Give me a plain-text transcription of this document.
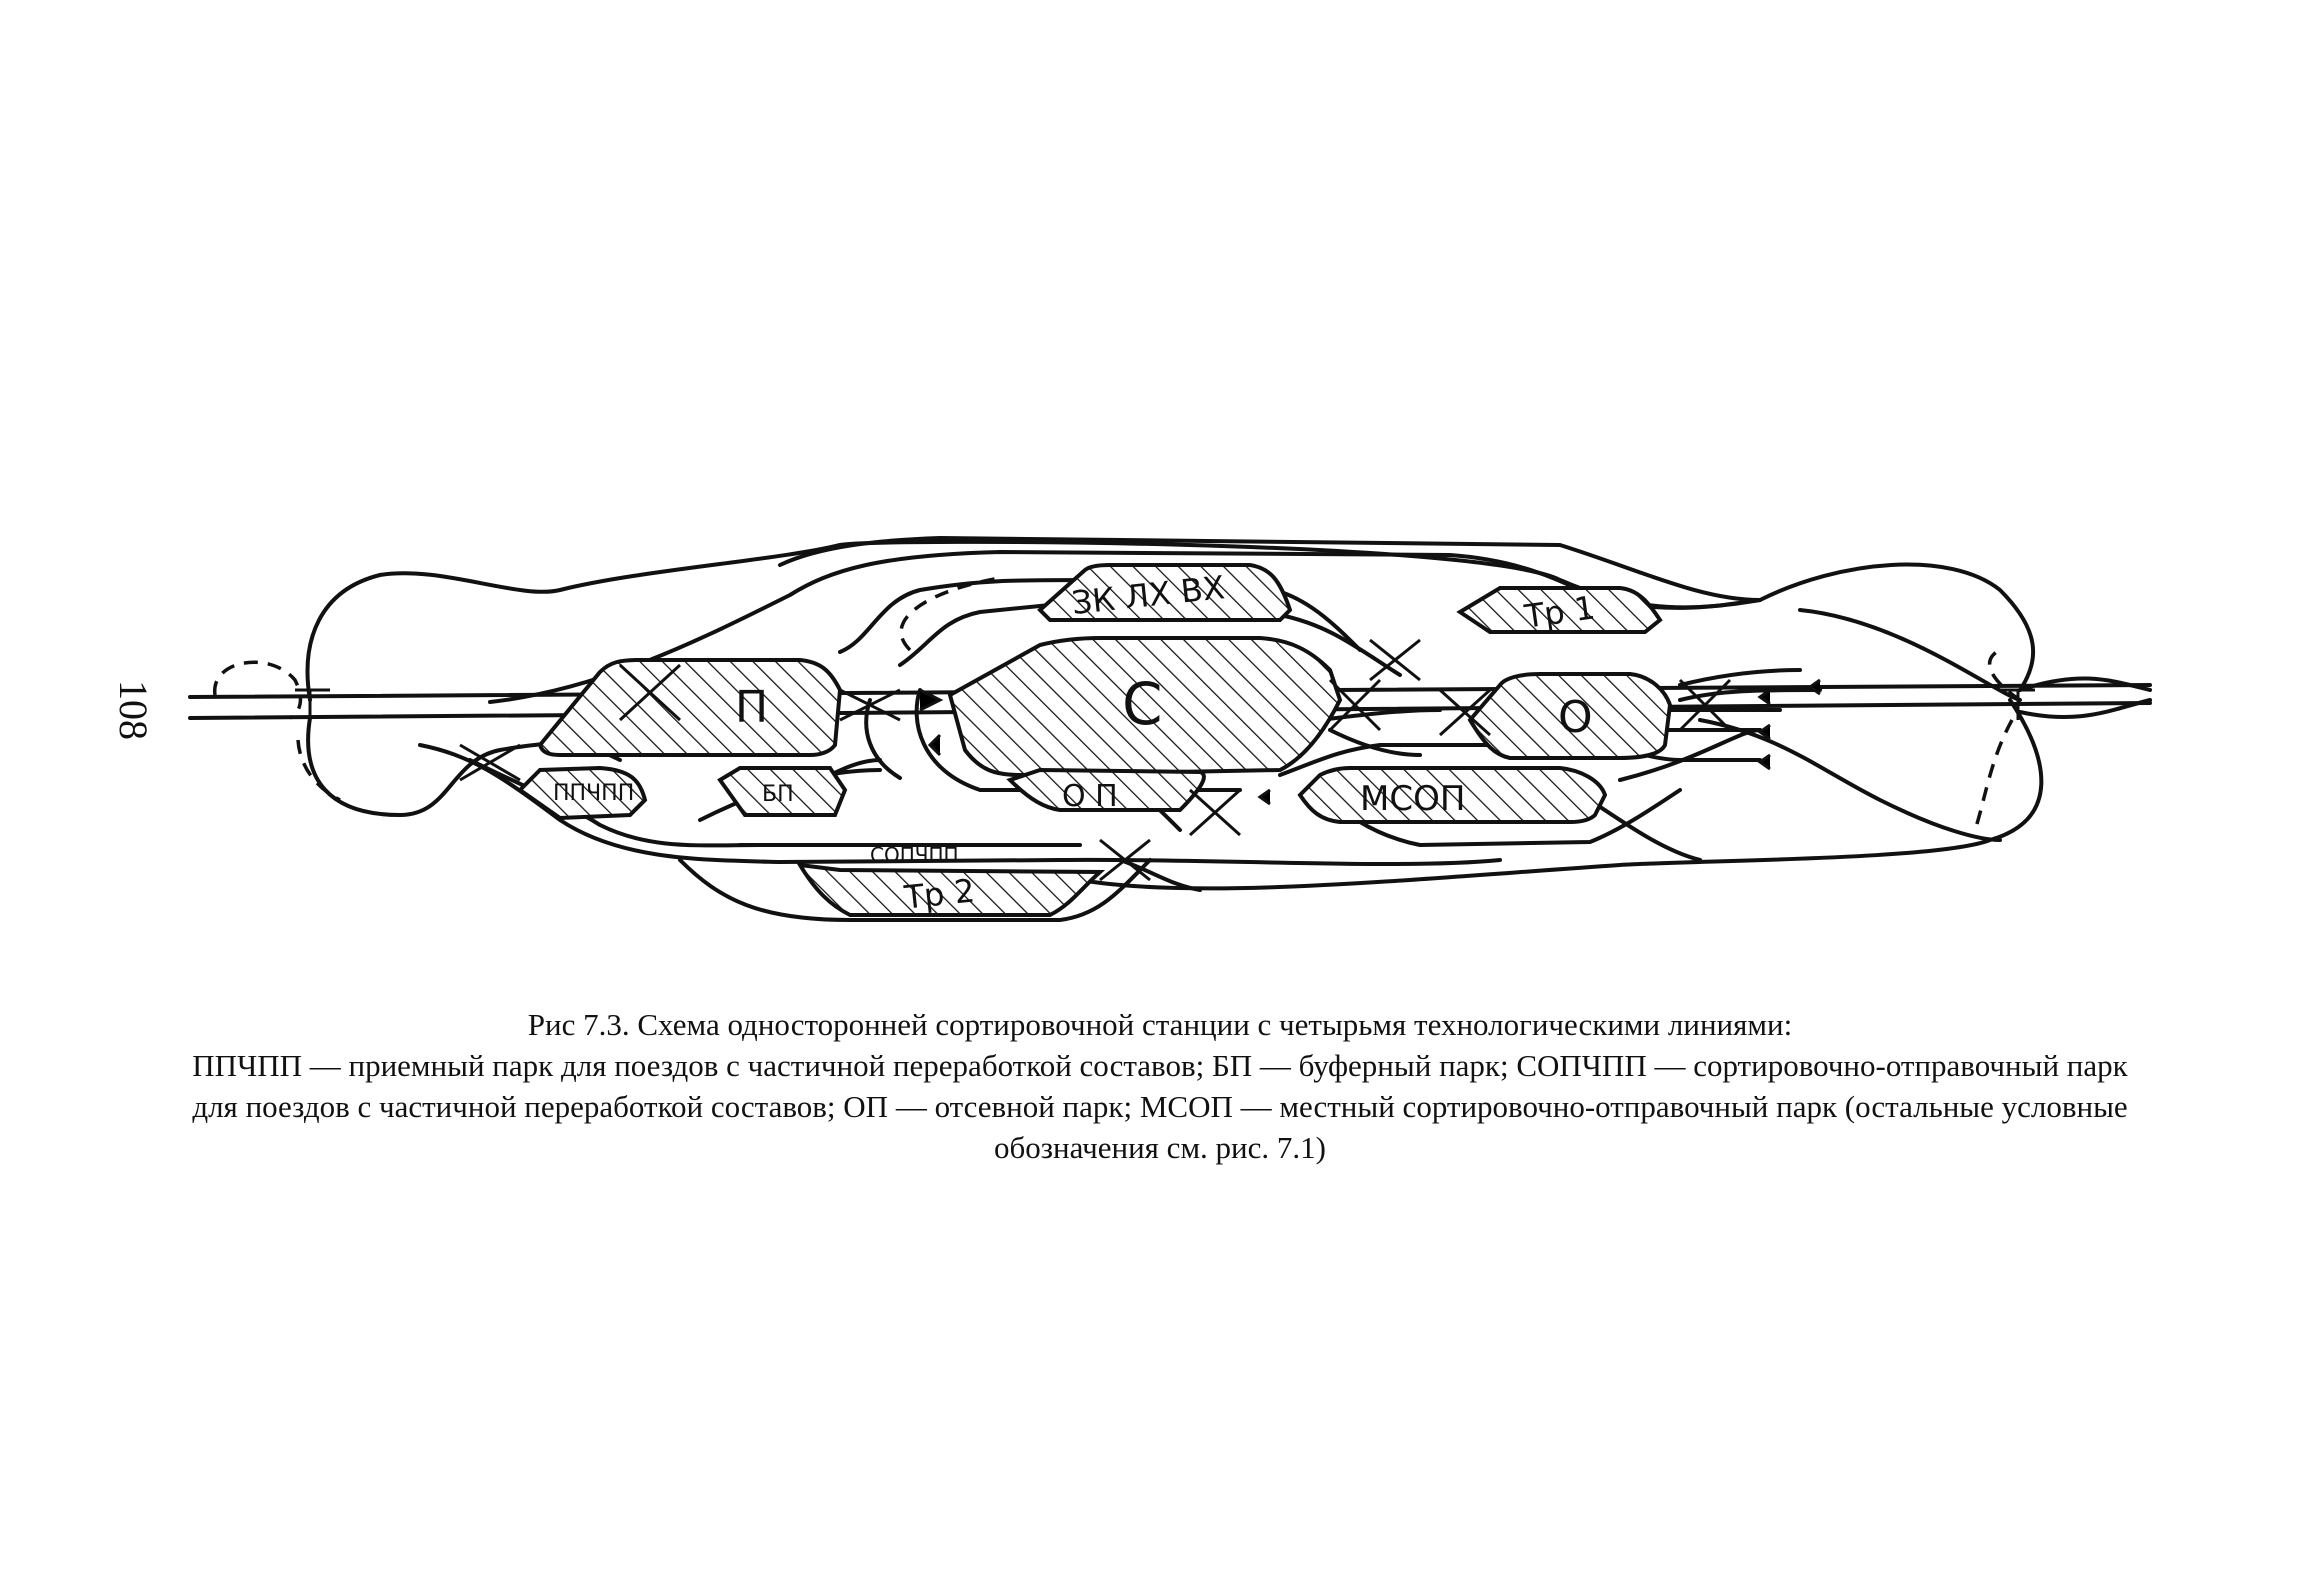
108	П
ППЧПП	БП
С
ЗК ЛХ ВХ	Тр 1
О П
О
МСОП
СОПЧПП
Тр 2
Рис 7.3. Схема односторонней сортировочной станции с четырьмя технологическими линиями:
ППЧПП — приемный парк для поездов с частичной переработкой составов; БП — буферный парк; СОПЧПП — сортировочно-отправочный парк для поездов с частичной переработкой составов; ОП — отсевной парк; МСОП — местный сортировочно-отправочный парк (остальные условные обозначения см. рис. 7.1)
